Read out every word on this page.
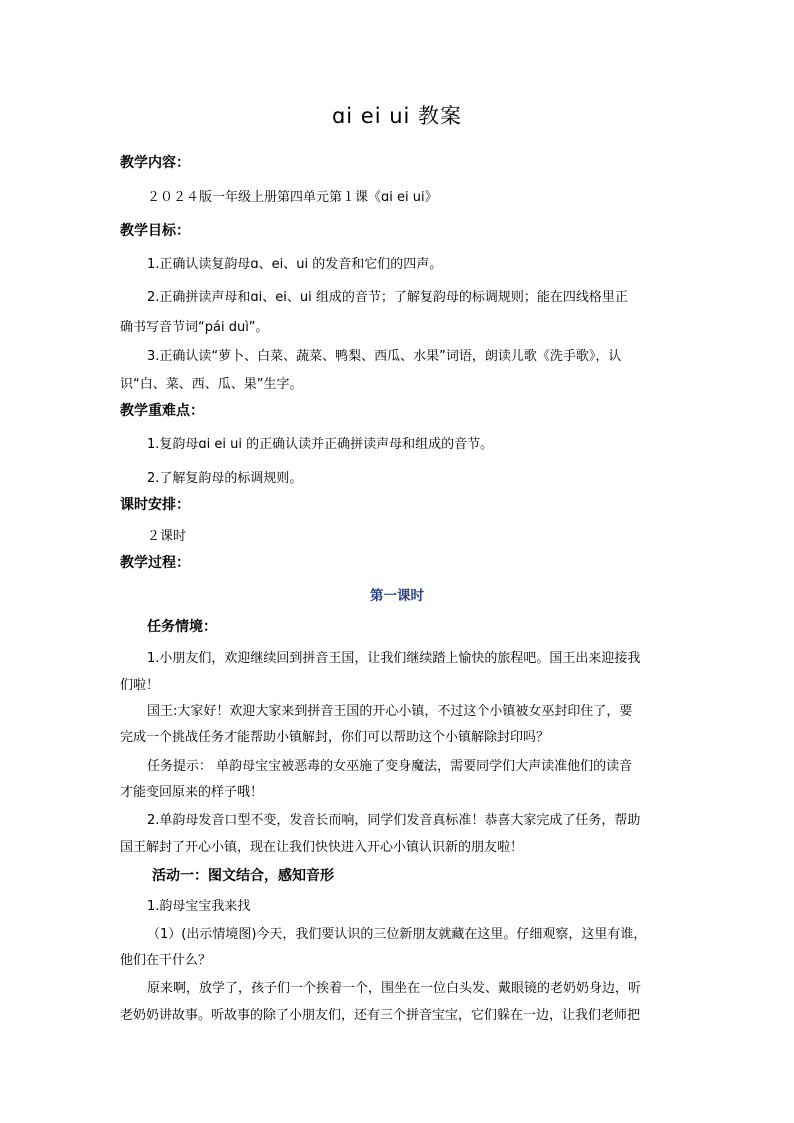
ɑi ei ui 教案
教学内容：
２０２４版一年级上册第四单元第１课《ɑi ei ui》
教学目标：
1.正确认读复韵母ɑ、ei、ui 的发音和它们的四声。
2.正确拼读声母和ɑi、ei、ui 组成的音节；了解复韵母的标调规则；能在四线格里正
确书写音节词“pái duì”。
3.正确认读“萝卜、白菜、蔬菜、鸭梨、西瓜、水果”词语，朗读儿歌《洗手歌》，认
识“白、菜、西、瓜、果”生字。
教学重难点：
1.复韵母ɑi ei ui 的正确认读并正确拼读声母和组成的音节。
2.了解复韵母的标调规则。
课时安排：
２课时
教学过程：
第一课时
任务情境：
1.小朋友们，欢迎继续回到拼音王国，让我们继续踏上愉快的旅程吧。国王出来迎接我
们啦！
国王:大家好！欢迎大家来到拼音王国的开心小镇，不过这个小镇被女巫封印住了，要
完成一个挑战任务才能帮助小镇解封，你们可以帮助这个小镇解除封印吗？
任务提示： 单韵母宝宝被恶毒的女巫施了变身魔法，需要同学们大声读准他们的读音
才能变回原来的样子哦！
2.单韵母发音口型不变，发音长而响，同学们发音真标准！恭喜大家完成了任务，帮助
国王解封了开心小镇，现在让我们快快进入开心小镇认识新的朋友啦！
活动一：图文结合，感知音形
1.韵母宝宝我来找
（1）(出示情境图)今天，我们要认识的三位新朋友就藏在这里。仔细观察，这里有谁，
他们在干什么？
原来啊，放学了，孩子们一个挨着一个，围坐在一位白头发、戴眼镜的老奶奶身边，听
老奶奶讲故事。听故事的除了小朋友们，还有三个拼音宝宝，它们躲在一边，让我们老师把
